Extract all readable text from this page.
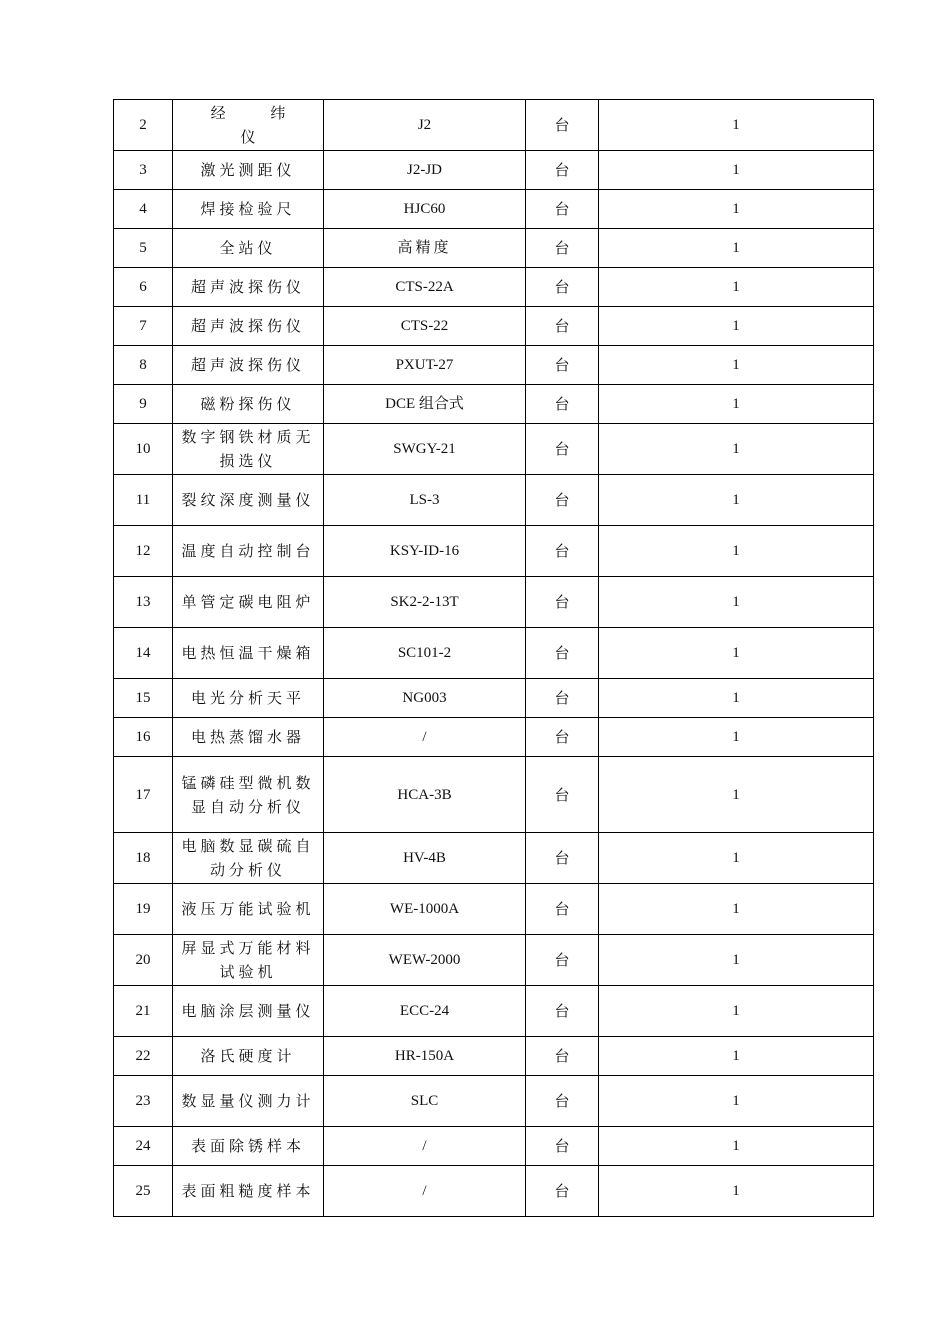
2	经 纬 仪	J2	台	1
3	激光测距仪	J2-JD	台	1
4	焊接检验尺	HJC60	台	1
5	全站仪	高精度	台	1
6	超声波探伤仪	CTS-22A	台	1
7	超声波探伤仪	CTS-22	台	1
8	超声波探伤仪	PXUT-27	台	1
9	磁粉探伤仪	DCE 组合式	台	1
10	数字钢铁材质无损选仪	SWGY-21	台	1
11	裂纹深度测量仪	LS-3	台	1
12	温度自动控制台	KSY-ID-16	台	1
13	单管定碳电阻炉	SK2-2-13T	台	1
14	电热恒温干燥箱	SC101-2	台	1
15	电光分析天平	NG003	台	1
16	电热蒸馏水器	/	台	1
17	锰磷硅型微机数显自动分析仪	HCA-3B	台	1
18	电脑数显碳硫自动分析仪	HV-4B	台	1
19	液压万能试验机	WE-1000A	台	1
20	屏显式万能材料试验机	WEW-2000	台	1
21	电脑涂层测量仪	ECC-24	台	1
22	洛氏硬度计	HR-150A	台	1
23	数显量仪测力计	SLC	台	1
24	表面除锈样本	/	台	1
25	表面粗糙度样本	/	台	1
